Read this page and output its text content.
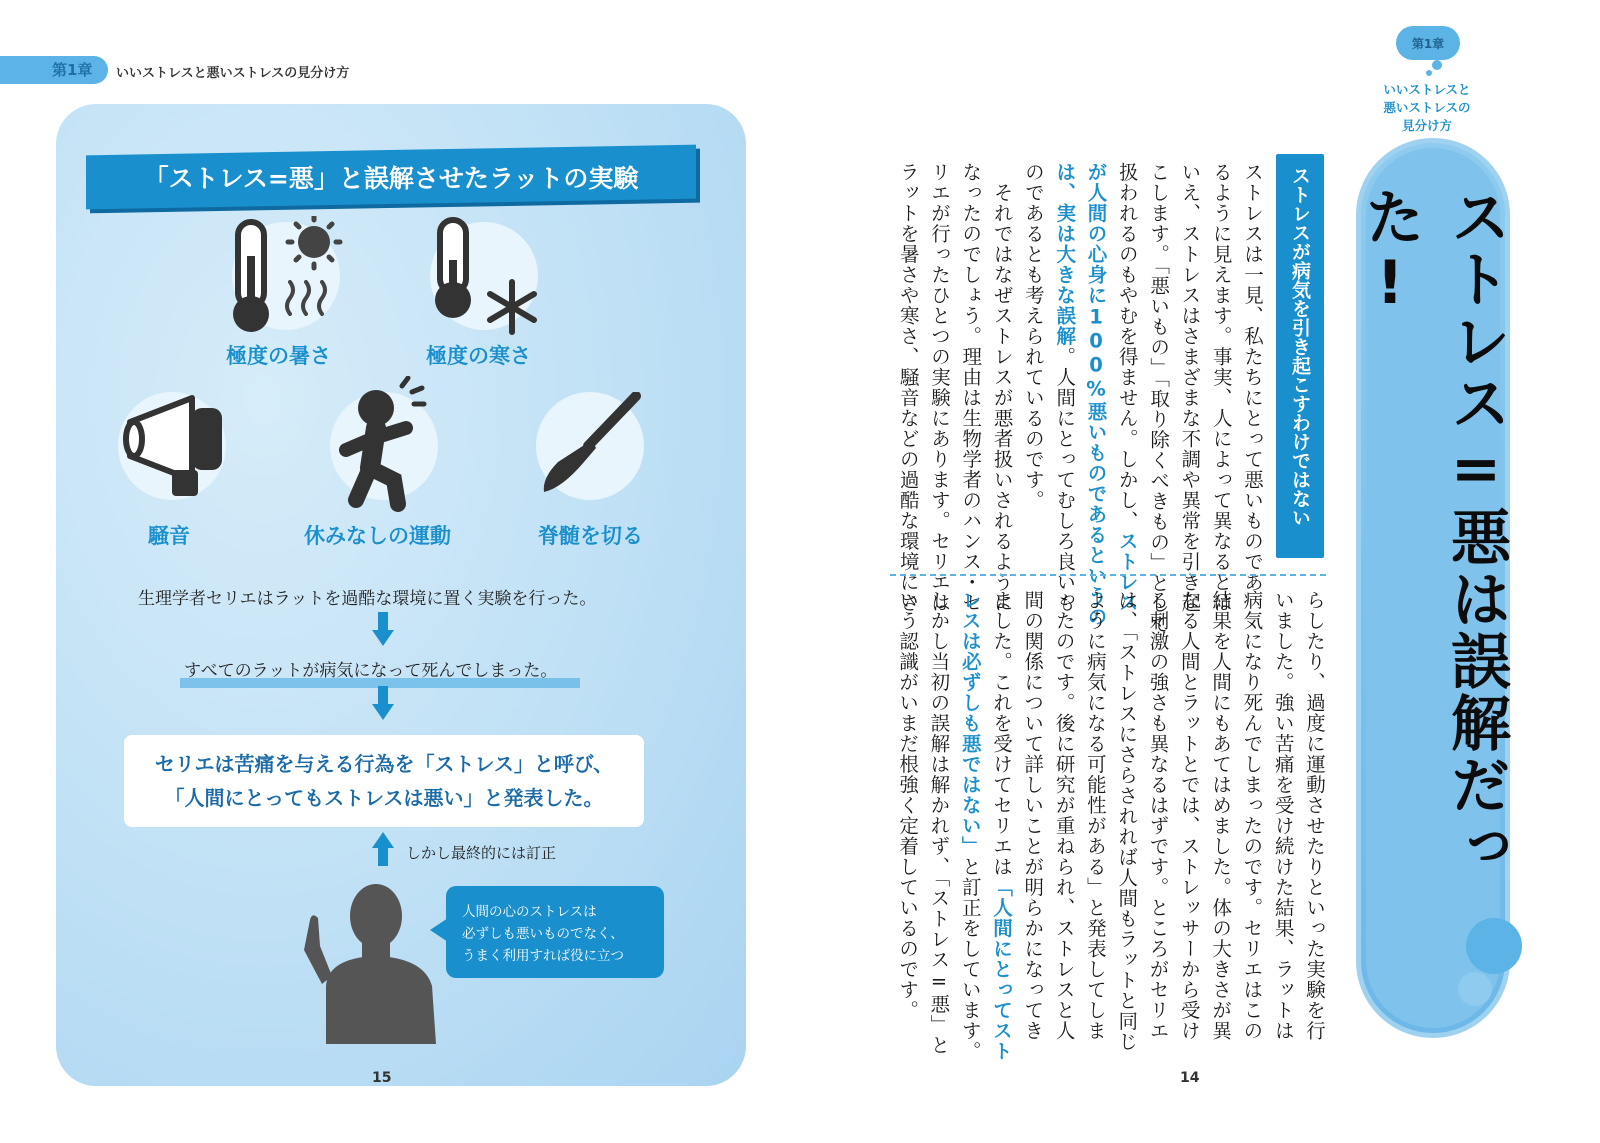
第1章 いいストレスと悪いストレスの見分け方
「ストレス=悪」と誤解させたラットの実験
極度の暑さ	極度の寒さ
騒音	休みなしの運動	脊髄を切る
生理学者セリエはラットを過酷な環境に置く実験を行った。
すべてのラットが病気になって死んでしまった。
セリエは苦痛を与える行為を「ストレス」と呼び、
「人間にとってもストレスは悪い」と発表した。
しかし最終的には訂正
人間の心のストレスは
必ずしも悪いものでなく、
うまく利用すれば役に立つ
15
第1章
いいストレスと
悪いストレスの
見分け方
ストレス=悪は誤解だった!
ストレスが病気を引き起こすわけではない
ストレスは一見、私たちにとって悪いものであ
るように見えます。事実、人によって異なるとは
いえ、ストレスはさまざまな不調や異常を引き起
こします。「悪いもの」「取り除くべきもの」として
扱われるのもやむを得ません。しかし、ストレス
が人間の心身に100%悪いものであるというの
は、実は大きな誤解。人間にとってむしろ良いも
のであるとも考えられているのです。
　それではなぜストレスが悪者扱いされるように
なったのでしょう。理由は生物学者のハンス・セ
リエが行ったひとつの実験にあります。セリエは
ラットを暑さや寒さ、騒音などの過酷な環境にさ
らしたり、過度に運動させたりといった実験を行
いました。強い苦痛を受け続けた結果、ラットは
病気になり死んでしまったのです。セリエはこの
結果を人間にもあてはめました。体の大きさが異
なる人間とラットとでは、ストレッサーから受け
る刺激の強さも異なるはずです。ところがセリエ
は、「ストレスにさらされれば人間もラットと同じ
ように病気になる可能性がある」と発表してしま
ったのです。後に研究が重ねられ、ストレスと人
間の関係について詳しいことが明らかになってき
ました。これを受けてセリエは「人間にとってスト
レスは必ずしも悪ではない」と訂正をしています。
しかし当初の誤解は解かれず、「ストレス=悪」と
いう認識がいまだ根強く定着しているのです。
14
